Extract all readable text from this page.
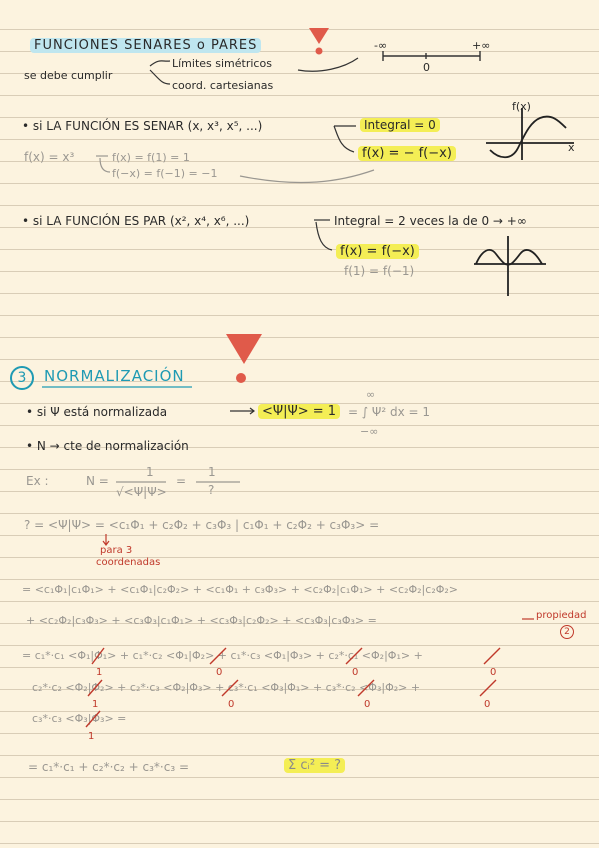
FUNCIONES SENARES o PARES
se debe cumplir
Límites simétricos
coord. cartesianas
-∞	+∞
0
• si LA FUNCIÓN ES SENAR (x, x³, x⁵, ...)	Integral = 0
f(x) = − f(−x)
f(x) = x³	f(x) = f(1) = 1
f(−x) = f(−1) = −1
f(x)
x
• si LA FUNCIÓN ES PAR (x², x⁴, x⁶, ...)	Integral = 2 veces la de 0 → +∞
f(x) = f(−x)
f(1) = f(−1)
3	NORMALIZACIÓN
• si Ψ está normalizada	<Ψ|Ψ> = 1 = ∫ Ψ² dx = 1
∞
−∞
• N → cte de normalización
Ex :	N =
1
√<Ψ|Ψ>
=
1
?
? = <Ψ|Ψ> = <c₁Φ₁ + c₂Φ₂ + c₃Φ₃ | c₁Φ₁ + c₂Φ₂ + c₃Φ₃> =
para 3
coordenadas
= <c₁Φ₁|c₁Φ₁> + <c₁Φ₁|c₂Φ₂> + <c₁Φ₁ + c₃Φ₃> + <c₂Φ₂|c₁Φ₁> + <c₂Φ₂|c₂Φ₂>
+ <c₂Φ₂|c₃Φ₃> + <c₃Φ₃|c₁Φ₁> + <c₃Φ₃|c₂Φ₂> + <c₃Φ₃|c₃Φ₃> =	propiedad
2
= c₁*·c₁ <Φ₁|Φ₁> + c₁*·c₂ <Φ₁|Φ₂> + c₁*·c₃ <Φ₁|Φ₃> + c₂*·c₁ <Φ₂|Φ₁> +
c₂*·c₂ <Φ₂|Φ₂> + c₂*·c₃ <Φ₂|Φ₃> + c₃*·c₁ <Φ₃|Φ₁> + c₃*·c₂ <Φ₃|Φ₂> +
c₃*·c₃ <Φ₃|Φ₃> =
1	0	0	0
1	0	0	0
1
= c₁*·c₁ + c₂*·c₂ + c₃*·c₃ =	Σ cᵢ² = ?
